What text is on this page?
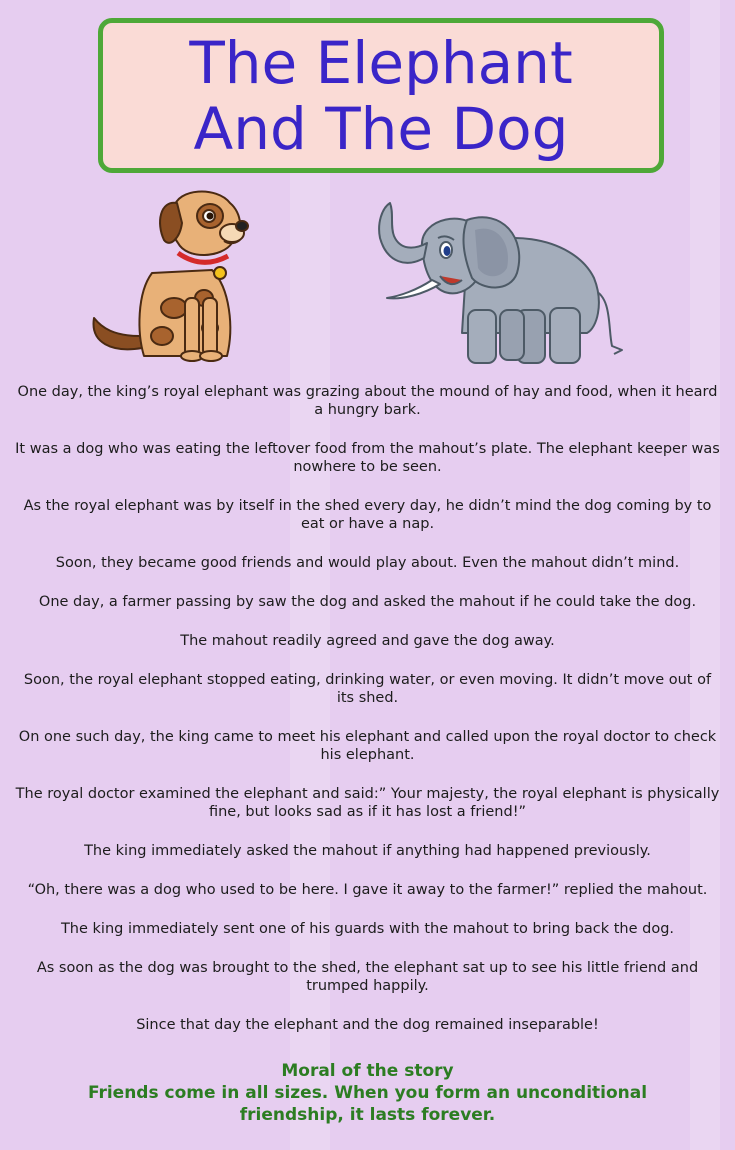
The Elephant And The Dog

One day, the king’s royal elephant was grazing about the mound of hay and food, when it heard a hungry bark.

It was a dog who was eating the leftover food from the mahout’s plate. The elephant keeper was nowhere to be seen.

As the royal elephant was by itself in the shed every day, he didn’t mind the dog coming by to eat or have a nap.

Soon, they became good friends and would play about. Even the mahout didn’t mind.

One day, a farmer passing by saw the dog and asked the mahout if he could take the dog.

The mahout readily agreed and gave the dog away.

Soon, the royal elephant stopped eating, drinking water, or even moving. It didn’t move out of its shed.

On one such day, the king came to meet his elephant and called upon the royal doctor to check his elephant.

The royal doctor examined the elephant and said:” Your majesty, the royal elephant is physically fine, but looks sad as if it has lost a friend!”

The king immediately asked the mahout if anything had happened previously.

“Oh, there was a dog who used to be here. I gave it away to the farmer!” replied the mahout.

The king immediately sent one of his guards with the mahout to bring back the dog.

As soon as the dog was brought to the shed, the elephant sat up to see his little friend and trumped happily.

Since that day the elephant and the dog remained inseparable!

Moral of the story
Friends come in all sizes. When you form an unconditional friendship, it lasts forever.
